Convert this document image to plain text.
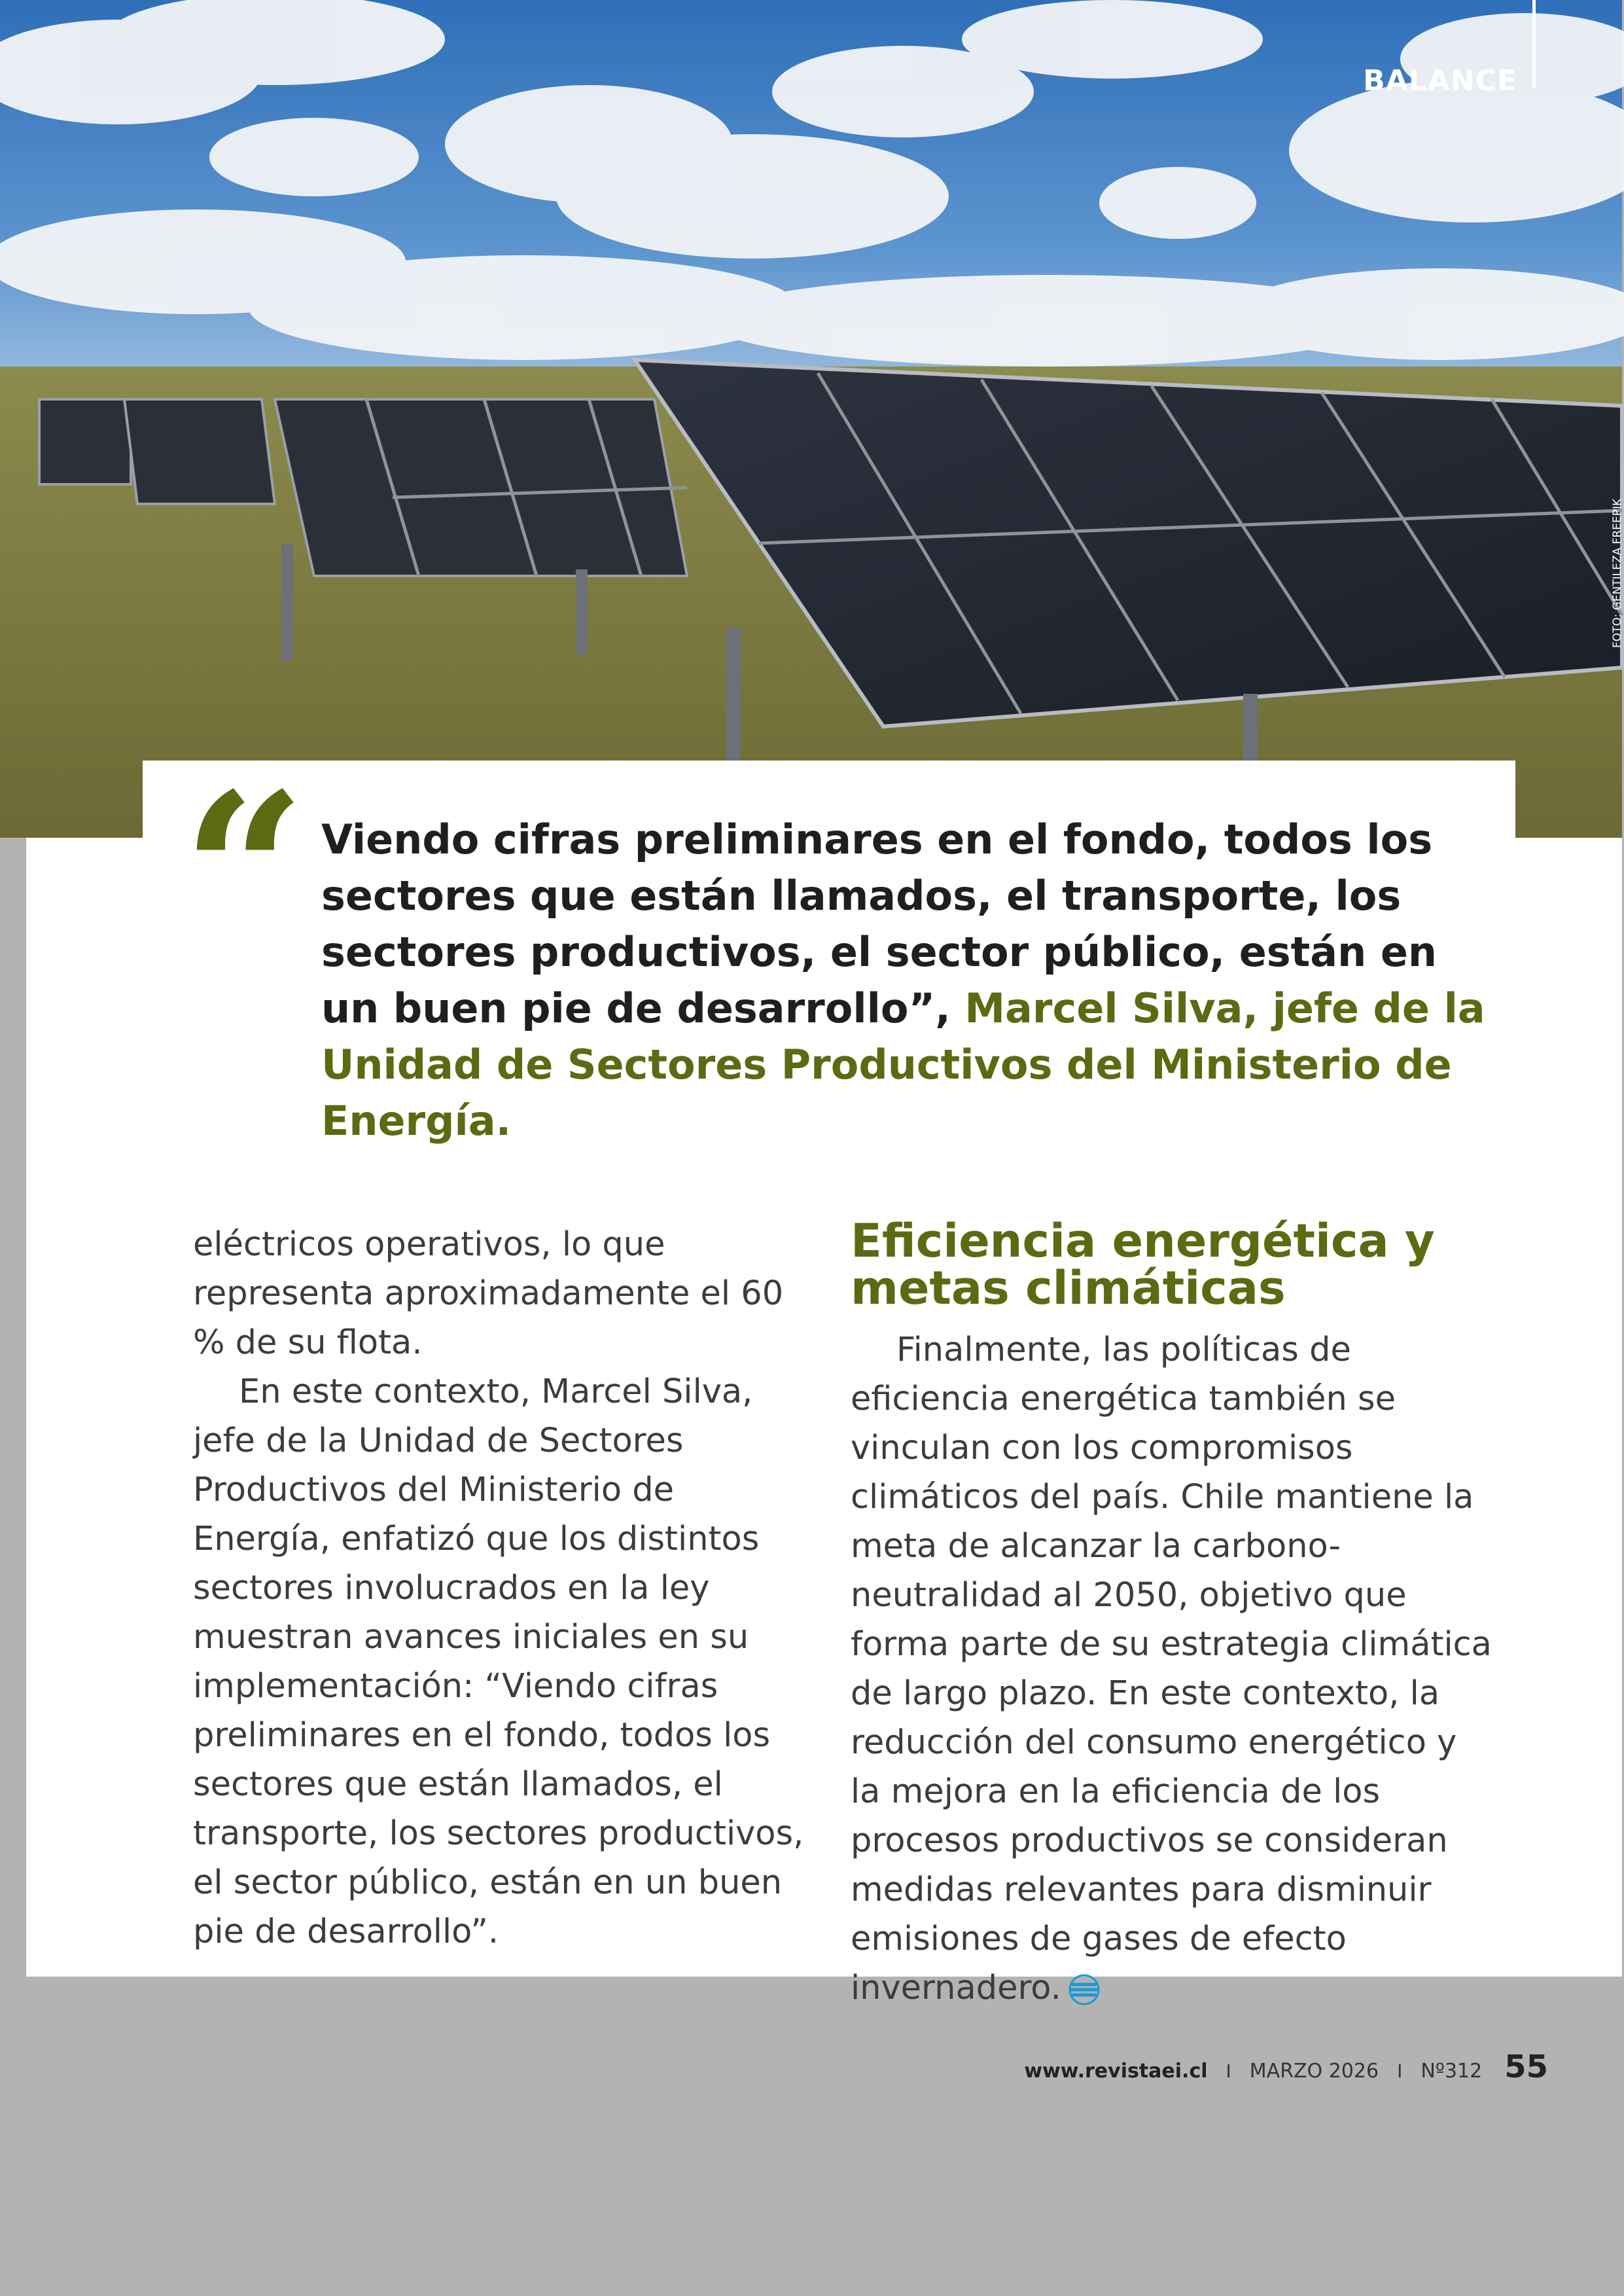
BALANCE
FOTO: GENTILEZA FREEPIK
“ Viendo cifras preliminares en el fondo, todos los sectores que están llamados, el transporte, los sectores productivos, el sector público, están en un buen pie de desarrollo”, Marcel Silva, jefe de la Unidad de Sectores Productivos del Ministerio de Energía.

eléctricos operativos, lo que representa aproximadamente el 60 % de su flota.

En este contexto, Marcel Silva, jefe de la Unidad de Sectores Productivos del Ministerio de Energía, enfatizó que los distintos sectores involucrados en la ley muestran avances iniciales en su implementación: “Viendo cifras preliminares en el fondo, todos los sectores que están llamados, el transporte, los sectores productivos, el sector público, están en un buen pie de desarrollo”.

Eficiencia energética y metas climáticas

Finalmente, las políticas de eficiencia energética también se vinculan con los compromisos climáticos del país. Chile mantiene la meta de alcanzar la carbono-neutralidad al 2050, objetivo que forma parte de su estrategia climática de largo plazo. En este contexto, la reducción del consumo energético y la mejora en la eficiencia de los procesos productivos se consideran medidas relevantes para disminuir emisiones de gases de efecto invernadero.

www.revistaei.cl I MARZO 2026 I Nº312 55
